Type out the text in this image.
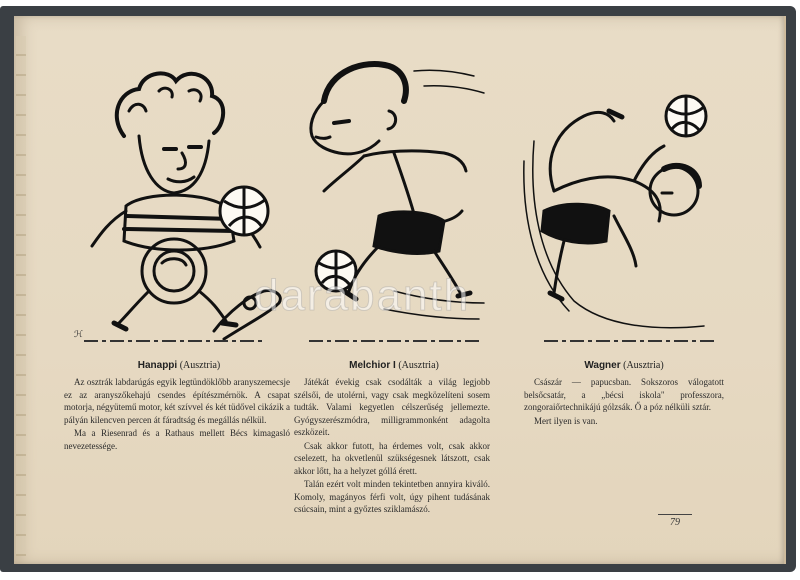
ℋ
Hanappi (Ausztria)

Az osztrák labdarúgás egyik legtündöklőbb aranyszemecsje ez az aranyszőkehajú csendes építészmérnök. A csapat motorja, négyütemű motor, két szívvel és két tüdővel cikázik a pályán kilencven percen át fáradtság és megállás nélkül.

Ma a Riesenrad és a Rathaus mellett Bécs kimagasló nevezetessége.

Melchior I (Ausztria)

Játékát évekig csak csodálták a világ legjobb szélsői, de utolérni, vagy csak megközelíteni sosem tudták. Valami kegyetlen célszerűség jellemezte. Gyógyszerészmódra, milligrammonként adagolta eszközeit.

Csak akkor futott, ha érdemes volt, csak akkor cselezett, ha okvetlenül szükségesnek látszott, csak akkor lőtt, ha a helyzet góllá érett.

Talán ezért volt minden tekintetben annyira kiváló. Komoly, magányos férfi volt, úgy pihent tudásának csúcsain, mint a győztes sziklamászó.

Wagner (Ausztria)

Császár — papucsban. Sokszoros válogatott belsőcsatár, a „bécsi iskola" professzora, zongoraiőrtechnikájú gólzsák. Ő a póz nélküli sztár.

Mert ilyen is van.

79
darabanth
